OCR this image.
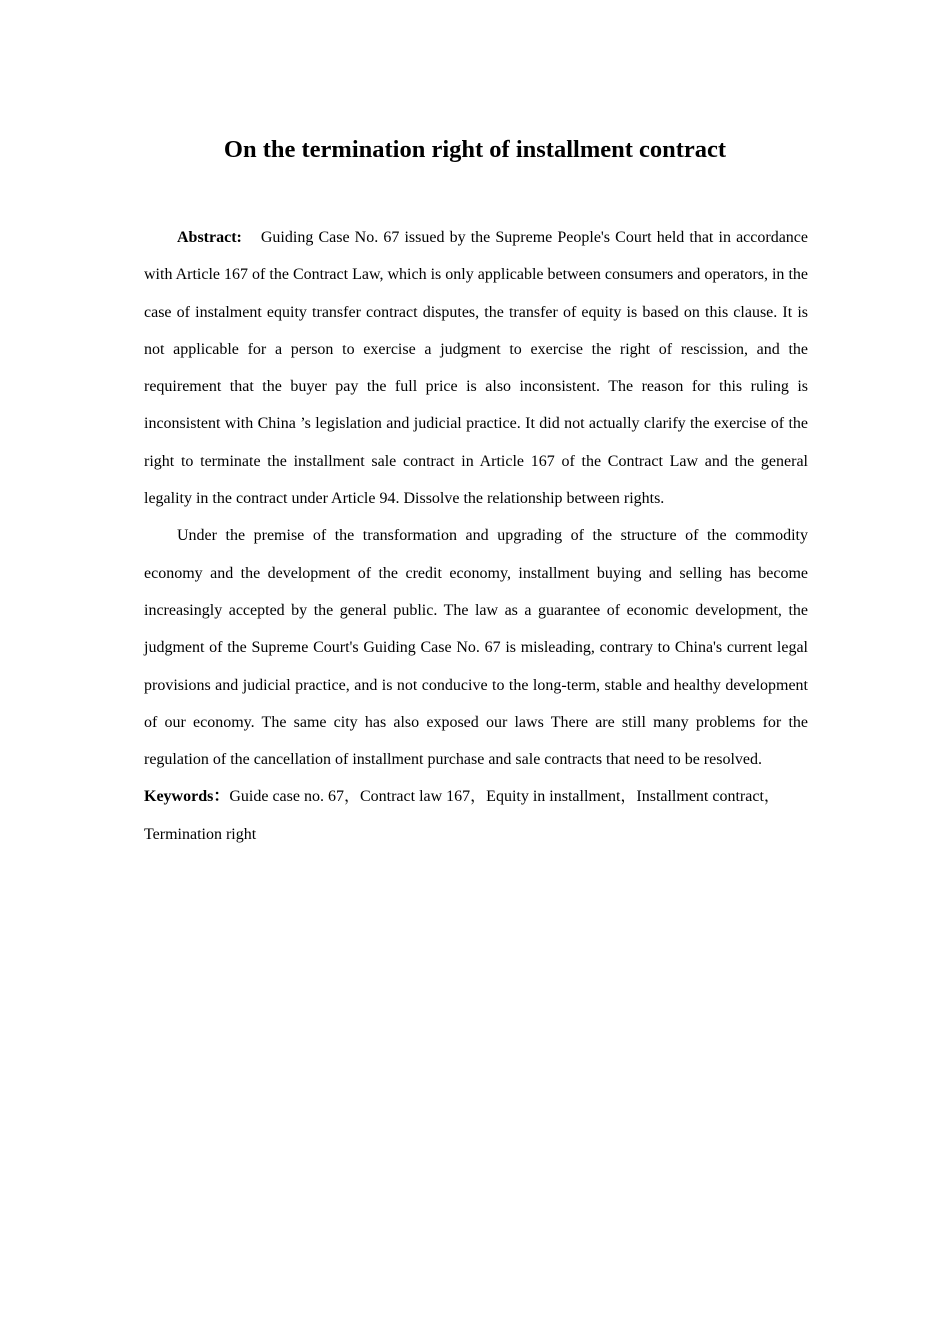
On the termination right of installment contract

Abstract: Guiding Case No. 67 issued by the Supreme People's Court held that in accordance with Article 167 of the Contract Law, which is only applicable between consumers and operators, in the case of instalment equity transfer contract disputes, the transfer of equity is based on this clause. It is not applicable for a person to exercise a judgment to exercise the right of rescission, and the requirement that the buyer pay the full price is also inconsistent. The reason for this ruling is inconsistent with China ’s legislation and judicial practice. It did not actually clarify the exercise of the right to terminate the installment sale contract in Article 167 of the Contract Law and the general legality in the contract under Article 94. Dissolve the relationship between rights.

Under the premise of the transformation and upgrading of the structure of the commodity economy and the development of the credit economy, installment buying and selling has become increasingly accepted by the general public. The law as a guarantee of economic development, the judgment of the Supreme Court's Guiding Case No. 67 is misleading, contrary to China's current legal provisions and judicial practice, and is not conducive to the long-term, stable and healthy development of our economy. The same city has also exposed our laws There are still many problems for the regulation of the cancellation of installment purchase and sale contracts that need to be resolved.

Keywords：Guide case no. 67，Contract law 167，Equity in installment，Installment contract，Termination right
